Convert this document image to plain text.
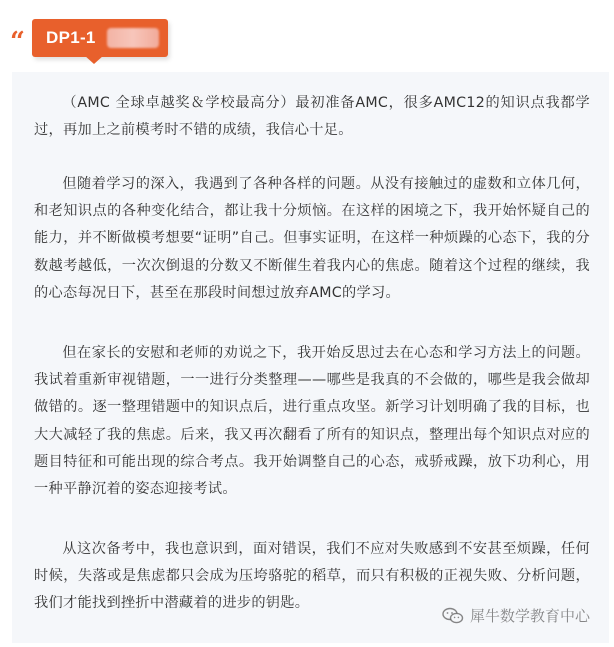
“ DP1-1

（AMC 全球卓越奖＆学校最高分）最初准备AMC，很多AMC12的知识点我都学过，再加上之前模考时不错的成绩，我信心十足。

但随着学习的深入，我遇到了各种各样的问题。从没有接触过的虚数和立体几何，和老知识点的各种变化结合，都让我十分烦恼。在这样的困境之下，我开始怀疑自己的能力，并不断做模考想要“证明”自己。但事实证明，在这样一种烦躁的心态下，我的分数越考越低，一次次倒退的分数又不断催生着我内心的焦虑。随着这个过程的继续，我的心态每况日下，甚至在那段时间想过放弃AMC的学习。

但在家长的安慰和老师的劝说之下，我开始反思过去在心态和学习方法上的问题。我试着重新审视错题，一一进行分类整理——哪些是我真的不会做的，哪些是我会做却做错的。逐一整理错题中的知识点后，进行重点攻坚。新学习计划明确了我的目标，也大大减轻了我的焦虑。后来，我又再次翻看了所有的知识点，整理出每个知识点对应的题目特征和可能出现的综合考点。我开始调整自己的心态，戒骄戒躁，放下功利心，用一种平静沉着的姿态迎接考试。

从这次备考中，我也意识到，面对错误，我们不应对失败感到不安甚至烦躁，任何时候，失落或是焦虑都只会成为压垮骆驼的稻草，而只有积极的正视失败、分析问题，我们才能找到挫折中潜藏着的进步的钥匙。

犀牛数学教育中心
